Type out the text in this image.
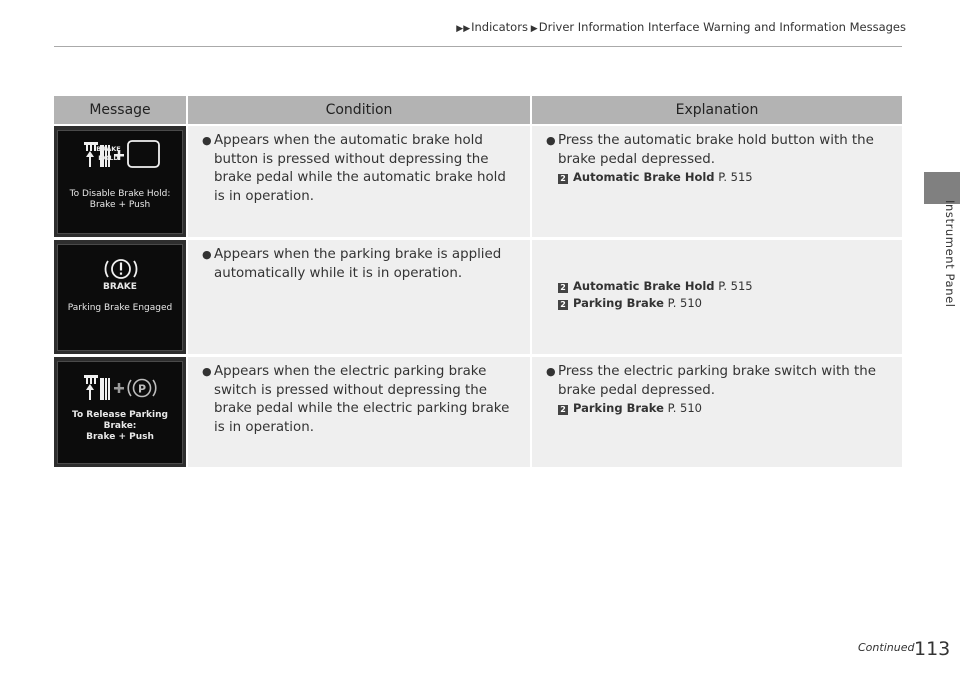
▶▶Indicators ▶Driver Information Interface Warning and Information Messages
Instrument Panel
Message	Condition	Explanation
BRAKE
HOLD
To Disable Brake Hold:
Brake + Push
● Appears when the automatic brake hold button is pressed without depressing the brake pedal while the automatic brake hold is in operation.
● Press the automatic brake hold button with the brake pedal depressed.
2 Automatic Brake Hold P. 515
BRAKE
Parking Brake Engaged
● Appears when the parking brake is applied automatically while it is in operation.
2 Automatic Brake Hold P. 515
2 Parking Brake P. 510
P
To Release Parking Brake:
Brake + Push
● Appears when the electric parking brake switch is pressed without depressing the brake pedal while the electric parking brake is in operation.
● Press the electric parking brake switch with the brake pedal depressed.
2 Parking Brake P. 510
Continued 113
